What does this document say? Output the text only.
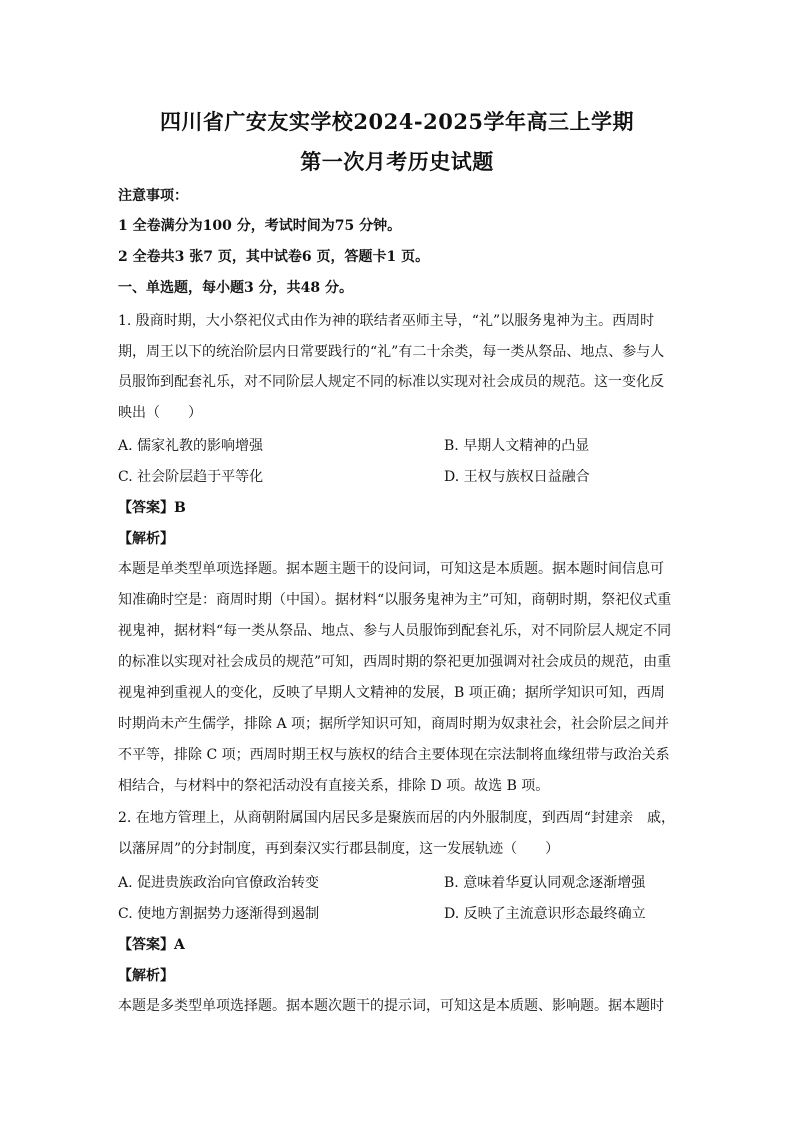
四川省广安友实学校2024-2025学年高三上学期
第一次月考历史试题
注意事项：
1 全卷满分为100 分，考试时间为75 分钟。
2 全卷共3 张7 页，其中试卷6 页，答题卡1 页。
一、单选题，每小题3 分，共48 分。
1. 殷商时期，大小祭祀仪式由作为神的联结者巫师主导，“礼”以服务鬼神为主。西周时
期，周王以下的统治阶层内日常要践行的“礼”有二十余类，每一类从祭品、地点、参与人
员服饰到配套礼乐，对不同阶层人规定不同的标准以实现对社会成员的规范。这一变化反
映出（　　）
A. 儒家礼教的影响增强	B. 早期人文精神的凸显
C. 社会阶层趋于平等化	D. 王权与族权日益融合
【答案】B
【解析】
本题是单类型单项选择题。据本题主题干的设问词，可知这是本质题。据本题时间信息可
知准确时空是：商周时期（中国）。据材料“以服务鬼神为主”可知，商朝时期，祭祀仪式重
视鬼神，据材料“每一类从祭品、地点、参与人员服饰到配套礼乐，对不同阶层人规定不同
的标准以实现对社会成员的规范”可知，西周时期的祭祀更加强调对社会成员的规范，由重
视鬼神到重视人的变化，反映了早期人文精神的发展，B 项正确；据所学知识可知，西周
时期尚未产生儒学，排除 A 项；据所学知识可知，商周时期为奴隶社会，社会阶层之间并
不平等，排除 C 项；西周时期王权与族权的结合主要体现在宗法制将血缘纽带与政治关系
相结合，与材料中的祭祀活动没有直接关系，排除 D 项。故选 B 项。
2. 在地方管理上，从商朝附属国内居民多是聚族而居的内外服制度，到西周“封建亲　戚，
以藩屏周”的分封制度，再到秦汉实行郡县制度，这一发展轨迹（　　）
A. 促进贵族政治向官僚政治转变	B. 意味着华夏认同观念逐渐增强
C. 使地方割据势力逐渐得到遏制	D. 反映了主流意识形态最终确立
【答案】A
【解析】
本题是多类型单项选择题。据本题次题干的提示词，可知这是本质题、影响题。据本题时
